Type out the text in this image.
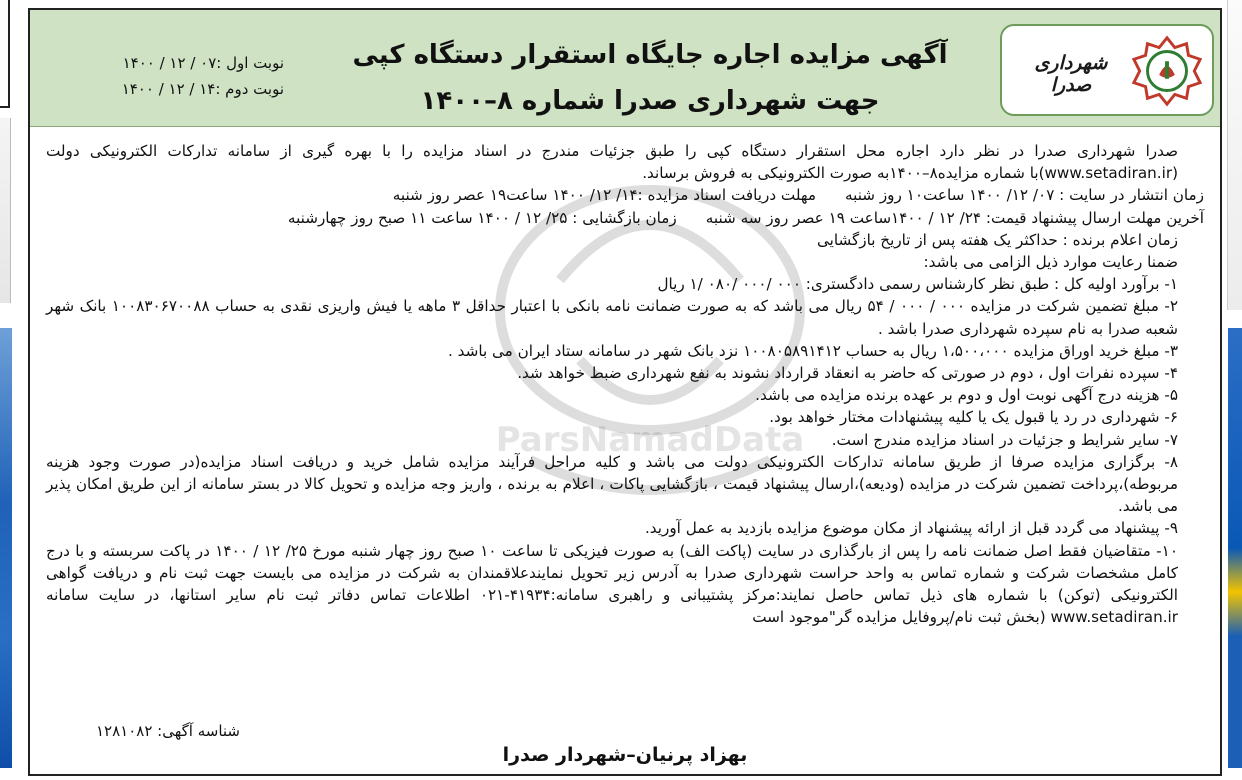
شهرداری صدرا
آگهی مزایده اجاره جایگاه استقرار دستگاه کپی
جهت شهرداری صدرا شماره ۸–۱۴۰۰
نوبت اول :۰۷ / ۱۲ / ۱۴۰۰
نوبت دوم :۱۴ / ۱۲ / ۱۴۰۰
ParsNamadData

صدرا شهرداری صدرا در نظر دارد اجاره محل استقرار دستگاه کپی را طبق جزئیات مندرج در اسناد مزایده را با بهره گیری از سامانه تدارکات الکترونیکی دولت (www.setadiran.ir)با شماره مزایده۸–۱۴۰۰به صورت الکترونیکی به فروش برساند.

زمان انتشار در سایت : ۰۷/ ۱۲/ ۱۴۰۰ ساعت۱۰ روز شنبه      مهلت دریافت اسناد مزایده :۱۴/ ۱۲/ ۱۴۰۰ ساعت۱۹ عصر روز شنبه

آخرین مهلت ارسال پیشنهاد قیمت: ۲۴/ ۱۲ / ۱۴۰۰ساعت ۱۹ عصر روز سه شنبه      زمان بازگشایی : ۲۵/ ۱۲ / ۱۴۰۰ ساعت ۱۱ صبح روز چهارشنبه

زمان اعلام برنده : حداکثر یک هفته پس از تاریخ بازگشایی

ضمنا رعایت موارد ذیل الزامی می باشد:

۱- برآورد اولیه کل : طبق نظر کارشناس رسمی دادگستری: ۰۰۰ /۰۰۰ /۰۸۰ /۱ ریال

۲- مبلغ تضمین شرکت در مزایده ۰۰۰ / ۰۰۰ / ۵۴ ریال می باشد که به صورت ضمانت نامه بانکی با اعتبار حداقل ۳ ماهه یا فیش واریزی نقدی به حساب ۱۰۰۸۳۰۶۷۰۰۸۸ بانک شهر شعبه صدرا به نام سپرده شهرداری صدرا باشد .

۳- مبلغ خرید اوراق مزایده ۱،۵۰۰،۰۰۰ ریال به حساب ۱۰۰۸۰۵۸۹۱۴۱۲ نزد بانک شهر در سامانه ستاد ایران می باشد .

۴- سپرده نفرات اول ، دوم در صورتی که حاضر به انعقاد قرارداد نشوند به نفع شهرداری ضبط خواهد شد.

۵- هزینه درج آگهی نوبت اول و دوم بر عهده برنده مزایده می باشد.

۶- شهرداری در رد یا قبول یک یا کلیه پیشنهادات مختار خواهد بود.

۷- سایر شرایط و جزئیات در اسناد مزایده مندرج است.

۸- برگزاری مزایده صرفا از طریق سامانه تدارکات الکترونیکی دولت می باشد و کلیه مراحل فرآیند مزایده شامل خرید و دریافت اسناد مزایده(در صورت وجود هزینه مربوطه)،پرداخت تضمین شرکت در مزایده (ودیعه)،ارسال پیشنهاد قیمت ، بازگشایی پاکات ، اعلام به برنده ، واریز وجه مزایده و تحویل کالا در بستر سامانه از این طریق امکان پذیر می باشد.

۹- پیشنهاد می گردد قبل از ارائه پیشنهاد از مکان موضوع مزایده بازدید به عمل آورید.

۱۰- متقاضیان فقط اصل ضمانت نامه را پس از بارگذاری در سایت (پاکت الف) به صورت فیزیکی تا ساعت ۱۰ صبح روز چهار شنبه مورخ ۲۵/ ۱۲ / ۱۴۰۰ در پاکت سربسته و با درج کامل مشخصات شرکت و شماره تماس به واحد حراست شهرداری صدرا به آدرس زیر تحویل نمایندعلاقمندان به شرکت در مزایده می بایست جهت ثبت نام و دریافت گواهی الکترونیکی (توکن) با شماره های ذیل تماس حاصل نمایند:مرکز پشتیبانی و راهبری سامانه:۴۱۹۳۴-۰۲۱ اطلاعات تماس دفاتر ثبت نام سایر استانها، در سایت سامانه www.setadiran.ir (بخش ثبت نام/پروفایل مزایده گر"موجود است

شناسه آگهی: ۱۲۸۱۰۸۲
بهزاد پرنیان–شهردار صدرا
